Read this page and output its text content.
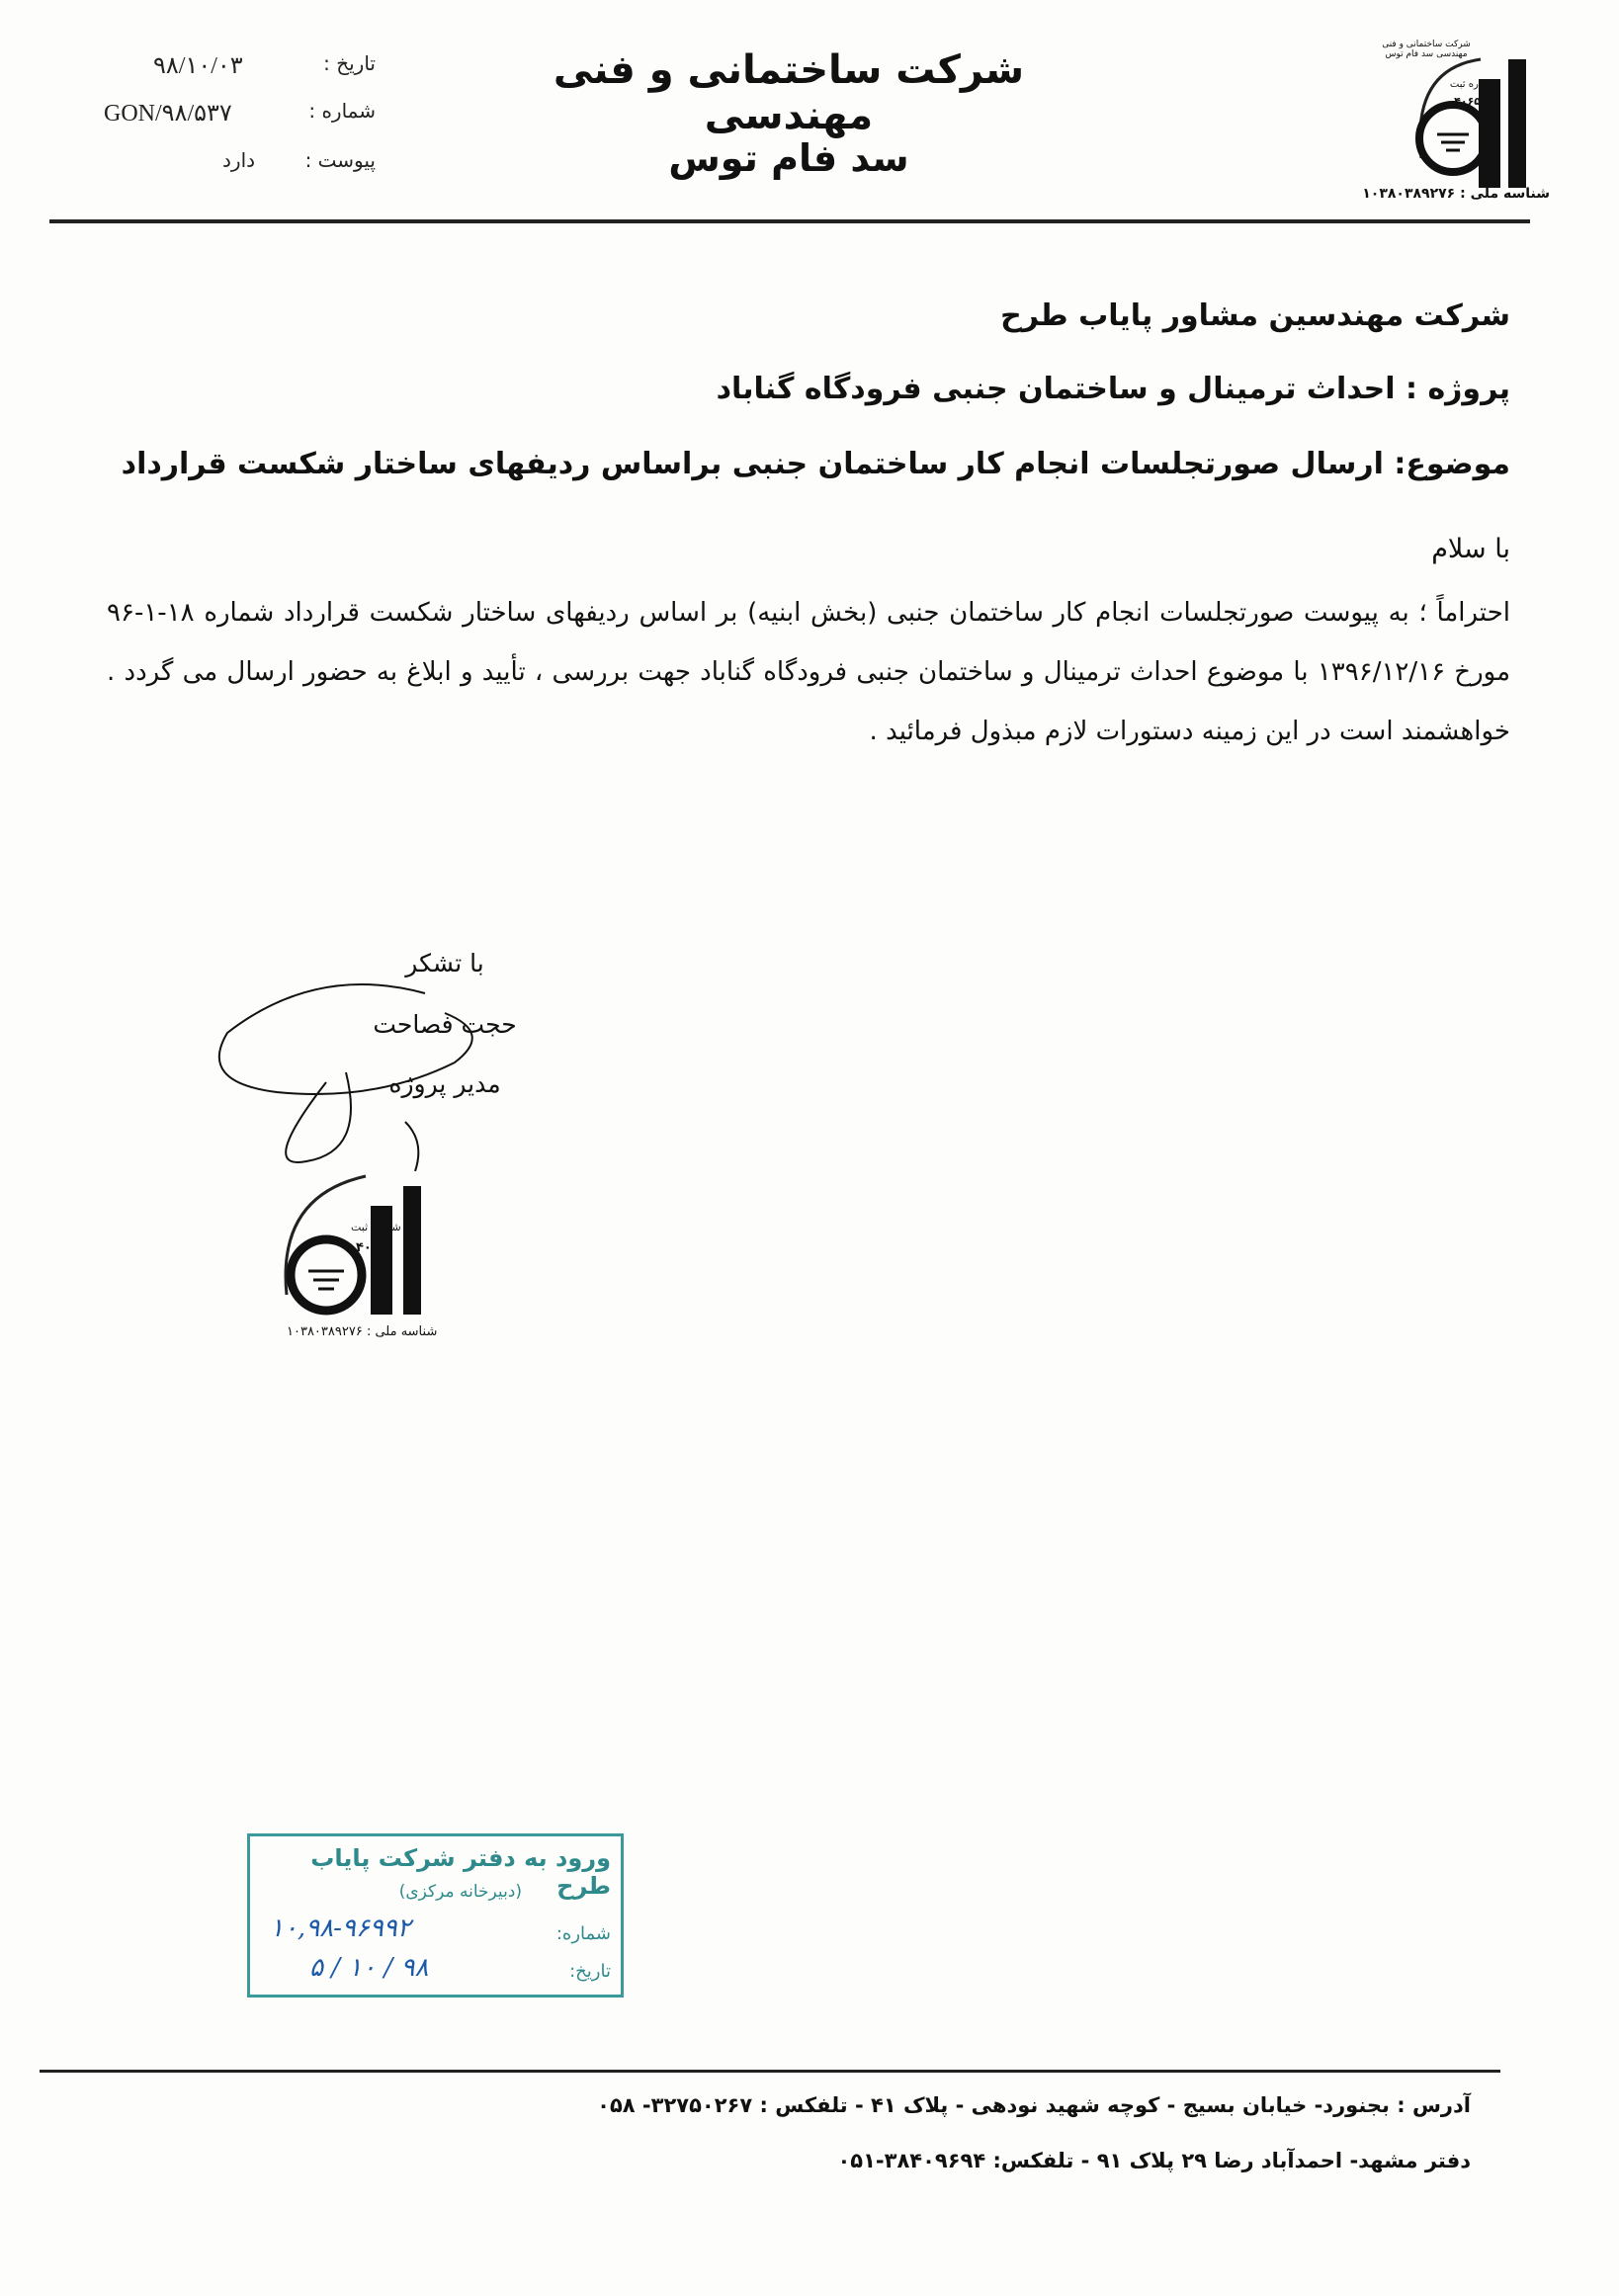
شرکت ساختمانی و فنی مهندسی
سد فام توس
تاریخ :
۹۸/۱۰/۰۳
شماره :
GON/۹۸/۵۳۷
پیوست :
دارد
۴۰۶۵
شرکت ساختمانی و فنی مهندسی سد فام توس
شماره ثبت
شناسه ملی : ۱۰۳۸۰۳۸۹۲۷۶
شرکت مهندسین مشاور پایاب طرح
پروژه : احداث ترمینال و ساختمان جنبی فرودگاه گناباد
موضوع: ارسال صورتجلسات انجام کار ساختمان جنبی براساس ردیفهای ساختار شکست قرارداد
با سلام
احتراماً ؛ به پیوست صورتجلسات انجام کار ساختمان جنبی (بخش ابنیه) بر اساس ردیفهای ساختار شکست قرارداد شماره ۱۸-۱-۹۶ مورخ ۱۳۹۶/۱۲/۱۶ با موضوع احداث ترمینال و ساختمان جنبی فرودگاه گناباد جهت بررسی ، تأیید و ابلاغ به حضور ارسال می گردد . خواهشمند است در این زمینه دستورات لازم مبذول فرمائید .
با تشکر
حجت فصاحت
مدیر پروژه
شماره ثبت
۴۰۶۵
شناسه ملی : ۱۰۳۸۰۳۸۹۲۷۶
ورود به دفتر شرکت پایاب طرح
(دبیرخانه مرکزی)
شماره:
۱۰,۹۸-۹۶۹۹۲
تاریخ:
۹۸ / ۱۰ / ۵
آدرس : بجنورد- خیابان بسیج - کوچه شهید نودهی - پلاک ۴۱ - تلفکس : ۳۲۷۵۰۲۶۷- ۰۵۸
دفتر مشهد- احمدآباد رضا ۲۹ پلاک ۹۱ - تلفکس: ۳۸۴۰۹۶۹۴-۰۵۱
